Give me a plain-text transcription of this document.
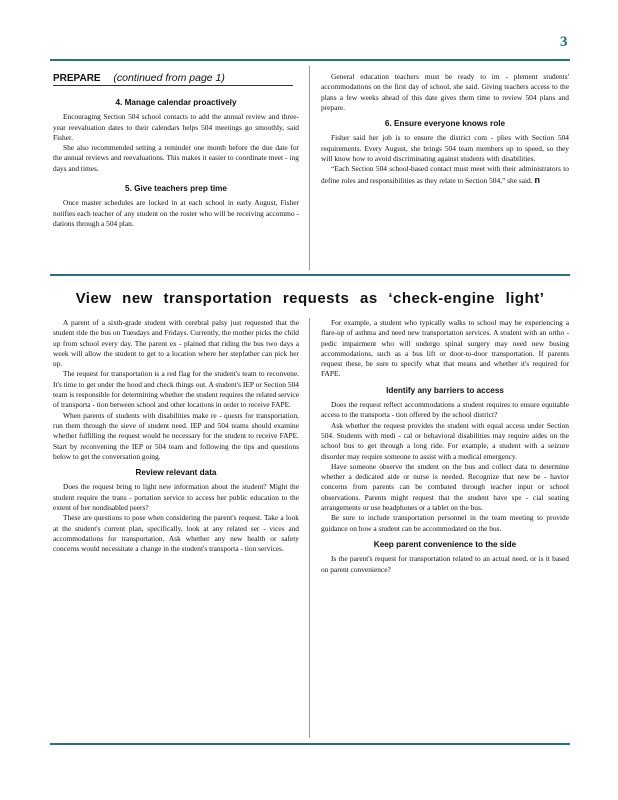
3
PREPARE (continued from page 1)
4. Manage calendar proactively

Encouraging Section 504 school contacts to add the annual review and three-year reevaluation dates to their calendars helps 504 meetings go smoothly, said Fisher.

She also recommended setting a reminder one month before the due date for the annual reviews and reevaluations. This makes it easier to coordinate meet - ing days and times.

5. Give teachers prep time

Once master schedules are locked in at each school in early August, Fisher notifies each teacher of any student on the roster who will be receiving accommo - dations through a 504 plan.

General education teachers must be ready to im - plement students' accommodations on the first day of school, she said. Giving teachers access to the plans a few weeks ahead of this date gives them time to review 504 plans and prepare.

6. Ensure everyone knows role

Fisher said her job is to ensure the district com - plies with Section 504 requirements. Every August, she brings 504 team members up to speed, so they will know how to avoid discriminating against students with disabilities.

“Each Section 504 school-based contact must meet with their administrators to define roles and responsibilities as they relate to Section 504,” she said. n

View new transportation requests as ‘check-engine light’

A parent of a sixth-grade student with cerebral palsy just requested that the student ride the bus on Tuesdays and Fridays. Currently, the mother picks the child up from school every day. The parent ex - plained that riding the bus two days a week will allow the student to get to a location where her stepfather can pick her up.

The request for transportation is a red flag for the student's team to reconvene. It's time to get under the hood and check things out. A student's IEP or Section 504 team is responsible for determining whether the student requires the related service of transporta - tion between school and other locations in order to receive FAPE.

When parents of students with disabilities make re - quests for transportation, run them through the sieve of student need. IEP and 504 teams should examine whether fulfilling the request would be necessary for the student to receive FAPE. Start by reconvening the IEP or 504 team and following the tips and questions below to get the conversation going.

Review relevant data

Does the request bring to light new information about the student? Might the student require the trans - portation service to access her public education to the extent of her nondisabled peers?

These are questions to pose when considering the parent's request. Take a look at the student's current plan, specifically, look at any related ser - vices and accommodations for transportation. Ask whether any new health or safety concerns would necessitate a change in the student's transporta - tion services.

For example, a student who typically walks to school may be experiencing a flare-up of asthma and need new transportation services. A student with an ortho - pedic impairment who will undergo spinal surgery may need new busing accommodations, such as a bus lift or door-to-door transportation. If parents request these, be sure to specify what that means and whether it's required for FAPE.

Identify any barriers to access

Does the request reflect accommodations a student requires to ensure equitable access to the transporta - tion offered by the school district?

Ask whether the request provides the student with equal access under Section 504. Students with medi - cal or behavioral disabilities may require aides on the school bus to get through a long ride. For example, a student with a seizure disorder may require someone to assist with a medical emergency.

Have someone observe the student on the bus and collect data to determine whether a dedicated aide or nurse is needed. Recognize that new be - havior concerns from parents can be combated through teacher input or school observations. Parents might request that the student have spe - cial seating arrangements or use headphones or a tablet on the bus.

Be sure to include transportation personnel in the team meeting to provide guidance on how a student can be accommodated on the bus.

Keep parent convenience to the side

Is the parent's request for transportation related to an actual need, or is it based on parent convenience?
